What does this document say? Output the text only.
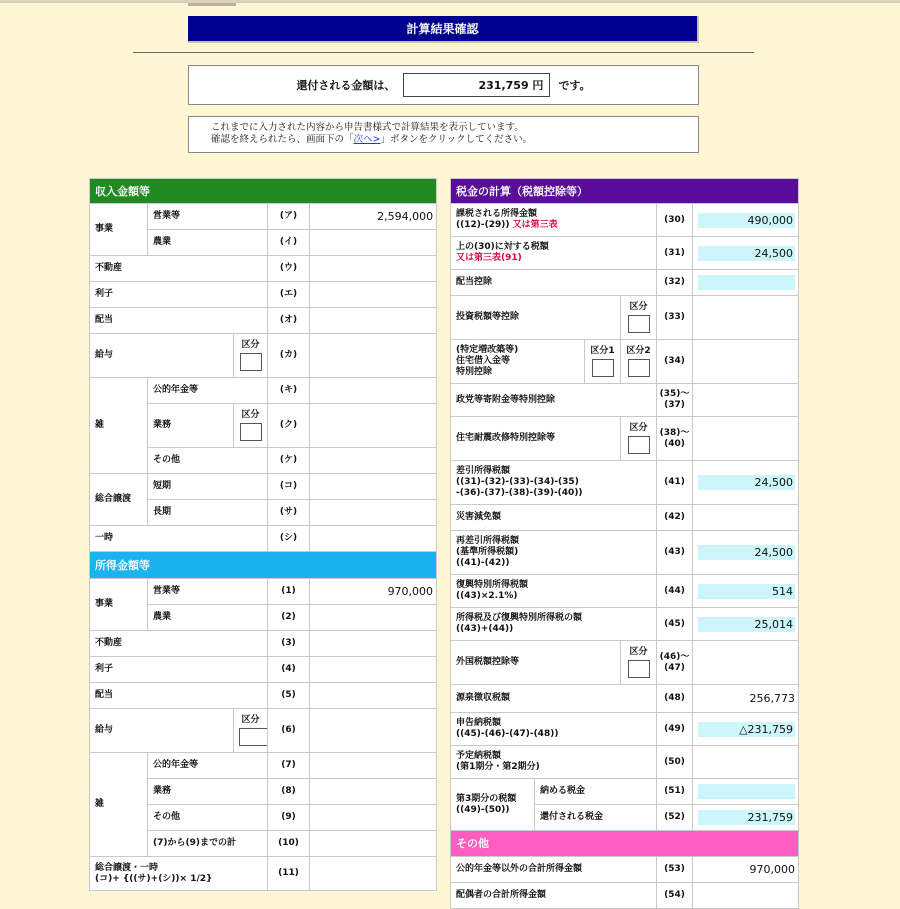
計算結果確認
還付される金額は、	231,759 円	です。
これまでに入力された内容から申告書様式で計算結果を表示しています。
確認を終えられたら、画面下の「次へ>」ボタンをクリックしてください。
収入金額等				
事業	営業等		(ア)	2,594,000
	農業		(イ)	
不動産			(ウ)	
利子			(エ)	
配当			(オ)	
給与		区分	(カ)	
雑	公的年金等		(キ)	
	業務	区分	(ク)	
	その他		(ケ)	
総合譲渡	短期		(コ)	
	長期		(サ)	
一時			(シ)	
所得金額等				
事業	営業等		(1)	970,000
	農業		(2)	
不動産			(3)	
利子			(4)	
配当			(5)	
給与		区分	(6)	
雑	公的年金等		(7)	
	業務		(8)	
	その他		(9)	
	(7)から(9)までの計		(10)	

総合譲渡・一時
(コ)+ {((サ)+(シ))× 1/2}			(11)	
税金の計算（税額控除等）					

課税される所得金額
((12)-(29)) 又は第三表				(30)	490,000

上の(30)に対する税額
又は第三表(91)				(31)	24,500

配当控除				(32)	

投資税額等控除			区分	(33)	

(特定増改築等)
住宅借入金等
特別控除		区分1	区分2	(34)	
政党等寄附金等特別控除				(35)〜
(37)	

住宅耐震改修特別控除等			区分	(38)〜
(40)	

差引所得税額
((31)-(32)-(33)-(34)-(35)
-(36)-(37)-(38)-(39)-(40))				(41)	24,500

災害減免額				(42)	

再差引所得税額
(基準所得税額)
((41)-(42))				(43)	24,500

復興特別所得税額
((43)×2.1%)				(44)	514

所得税及び復興特別所得税の額
((43)+(44))				(45)	25,014

外国税額控除等			区分	(46)〜
(47)	

源泉徴収税額				(48)	256,773

申告納税額
((45)-(46)-(47)-(48))				(49)	△231,759

予定納税額
(第1期分・第2期分)				(50)	

第3期分の税額
((49)-(50))	納める税金			(51)	

	還付される税金			(52)	231,759

その他					
公的年金等以外の合計所得金額				(53)	970,000
配偶者の合計所得金額				(54)	
